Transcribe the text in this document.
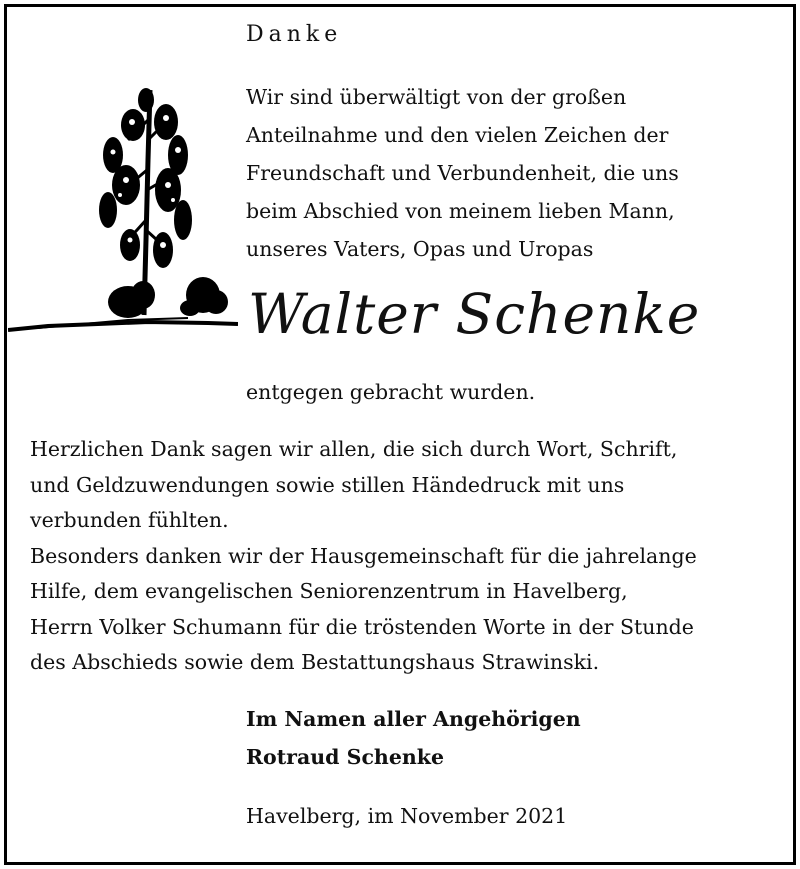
Danke
Wir sind überwältigt von der großen
Anteilnahme und den vielen Zeichen der
Freundschaft und Verbundenheit, die uns
beim Abschied von meinem lieben Mann,
unseres Vaters, Opas und Uropas
Walter Schenke
entgegen gebracht wurden.
Herzlichen Dank sagen wir allen, die sich durch Wort, Schrift,
und Geldzuwendungen sowie stillen Händedruck mit uns
verbunden fühlten.
Besonders danken wir der Hausgemeinschaft für die jahrelange
Hilfe, dem evangelischen Seniorenzentrum in Havelberg,
Herrn Volker Schumann für die tröstenden Worte in der Stunde
des Abschieds sowie dem Bestattungshaus Strawinski.
Im Namen aller Angehörigen
Rotraud Schenke
Havelberg, im November 2021
